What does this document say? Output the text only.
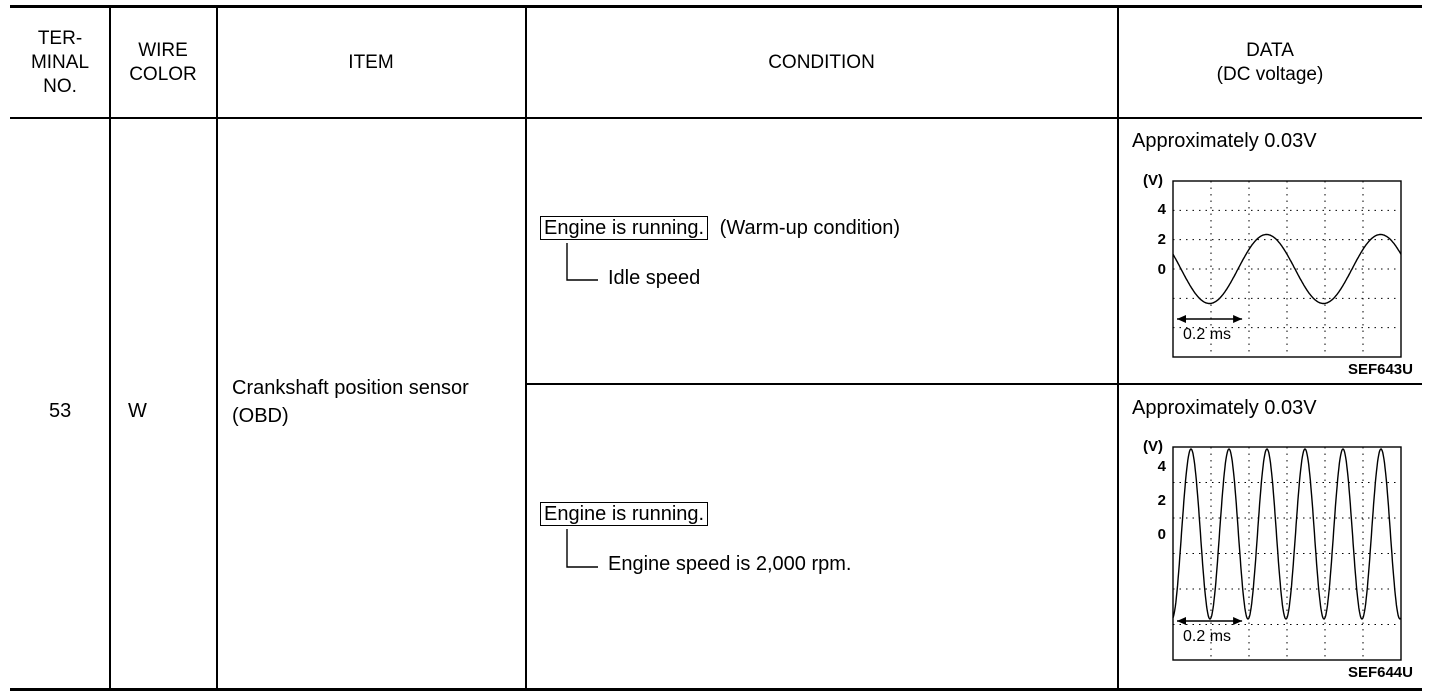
TER-
MINAL
NO.
WIRE
COLOR
ITEM	CONDITION
DATA
(DC voltage)
53	W
Crankshaft position sensor
(OBD)
Engine is running. (Warm-up condition)
Idle speed
Engine is running.
Engine speed is 2,000 rpm.
Approximately 0.03V
(V)
4
2
0
0.2 ms
SEF643U
Approximately 0.03V
(V)
4
2
0
0.2 ms
SEF644U
